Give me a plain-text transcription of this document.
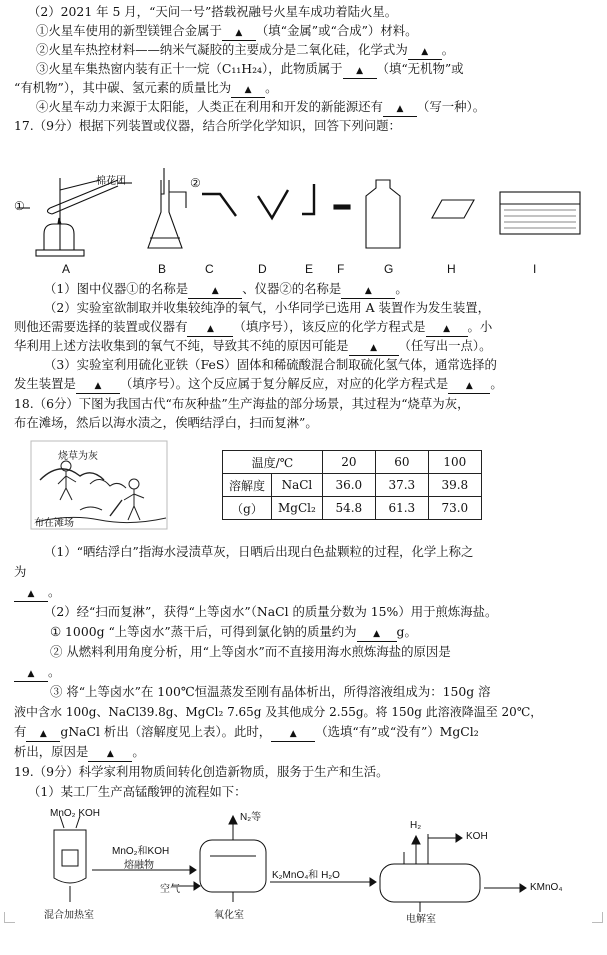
（2）2021 年 5 月，“天问一号”搭载祝融号火星车成功着陆火星。
①火星车使用的新型镁锂合金属于 ▲ （填“金属”或“合成”）材料。
②火星车热控材料——纳米气凝胶的主要成分是二氧化硅，化学式为 ▲ 。
③火星车集热窗内装有正十一烷（C₁₁H₂₄），此物质属于 ▲ （填“无机物”或
“有机物”），其中碳、氢元素的质量比为 ▲ 。
④火星车动力来源于太阳能，人类正在利用和开发的新能源还有 ▲ （写一种）。
17.（9分）根据下列装置或仪器，结合所学化学知识，回答下列问题：
棉花团
①
②
A	B	C	D	E F	G	H	I
（1）图中仪器①的名称是	▲ 、仪器②的名称是	▲ 。
（2）实验室欲制取并收集较纯净的氧气，小华同学已选用 A 装置作为发生装置，
则他还需要选择的装置或仪器有 ▲ （填序号），该反应的化学方程式是 ▲ 。小
华利用上述方法收集到的氧气不纯，导致其不纯的原因可能是 ▲ （任写出一点）。
（3）实验室利用硫化亚铁（FeS）固体和稀硫酸混合制取硫化氢气体，通常选择的
发生装置是 ▲ （填序号）。这个反应属于复分解反应，对应的化学方程式是 ▲ 。
18.（6分）下图为我国古代“布灰种盐”生产海盐的部分场景，其过程为“烧草为灰，
布在滩场，然后以海水渍之，俟晒结浮白，扫而复淋”。
烧草为灰
布在滩场
温度/℃		20	60	100
溶解度	NaCl	36.0	37.3	39.8
（g）	MgCl₂	54.8	61.3	73.0
（1）“晒结浮白”指海水浸渍草灰，日晒后出现白色盐颗粒的过程，化学上称之
为
▲ 。
（2）经“扫而复淋”，获得“上等卤水”（NaCl 的质量分数为 15%）用于煎炼海盐。
① 1000g “上等卤水”蒸干后，可得到氯化钠的质量约为 ▲ g。
② 从燃料利用角度分析，用“上等卤水”而不直接用海水煎炼海盐的原因是
▲ 。
③ 将“上等卤水”在 100℃恒温蒸发至刚有晶体析出，所得溶液组成为：150g 溶
液中含水 100g、NaCl39.8g、MgCl₂ 7.65g 及其他成分 2.55g。将 150g 此溶液降温至 20℃，
有 ▲ gNaCl 析出（溶解度见上表）。此时， ▲ （选填“有”或“没有”）MgCl₂
析出，原因是 ▲ 。
19.（9分）科学家利用物质间转化创造新物质，服务于生产和生活。
（1）某工厂生产高锰酸钾的流程如下：
MnO₂ KOH
MnO₂和KOH
熔融物
N₂等
空气
K₂MnO₄和 H₂O
H₂
KOH
KMnO₄
混合加热室	氧化室	电解室
